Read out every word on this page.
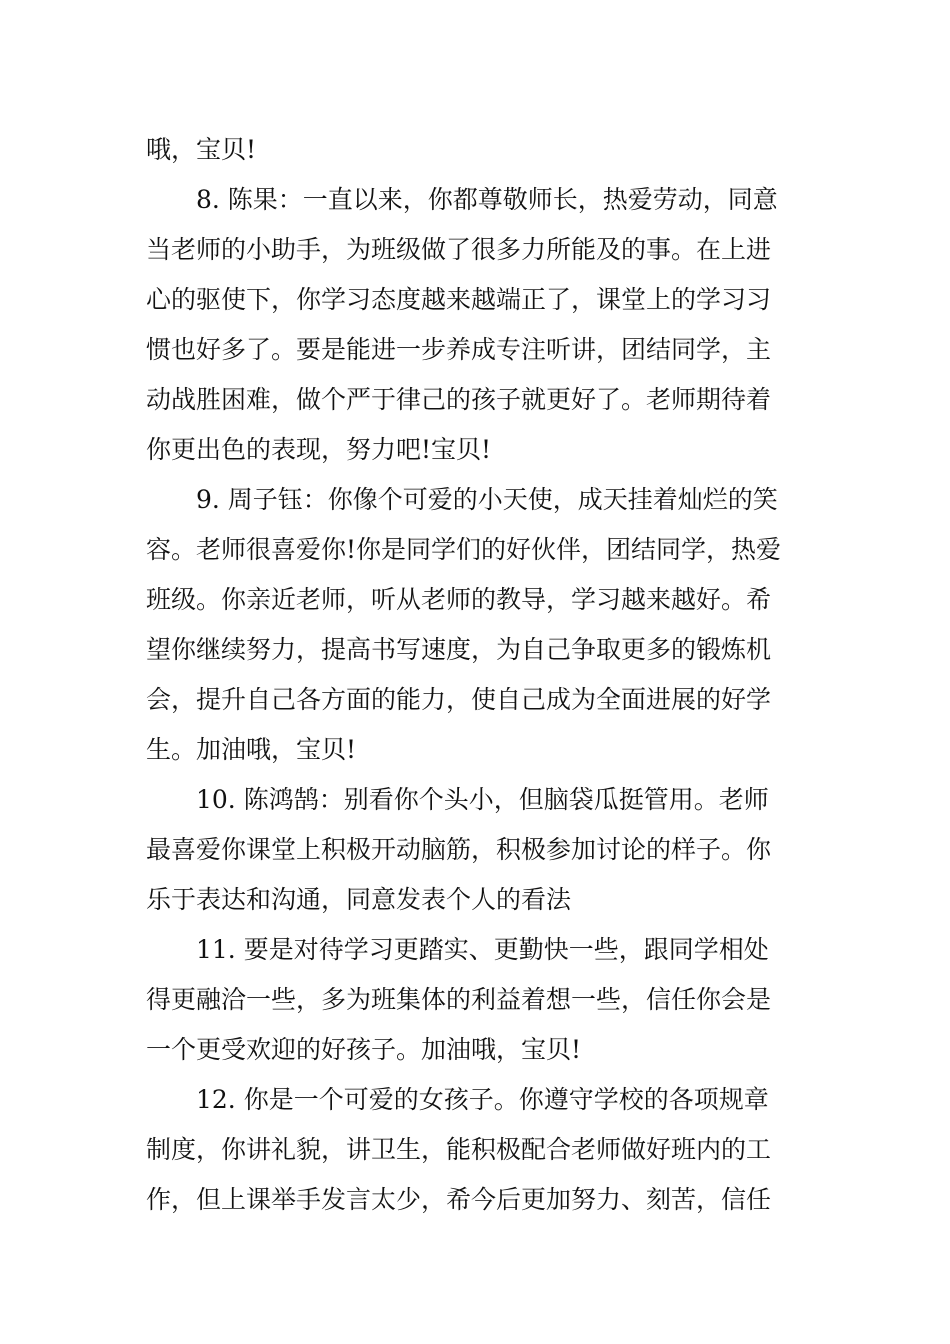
哦，宝贝!
8. 陈果：一直以来，你都尊敬师长，热爱劳动，同意
当老师的小助手，为班级做了很多力所能及的事。在上进
心的驱使下，你学习态度越来越端正了，课堂上的学习习
惯也好多了。要是能进一步养成专注听讲，团结同学，主
动战胜困难，做个严于律己的孩子就更好了。老师期待着
你更出色的表现，努力吧!宝贝!
9. 周子钰：你像个可爱的小天使，成天挂着灿烂的笑
容。老师很喜爱你!你是同学们的好伙伴，团结同学，热爱
班级。你亲近老师，听从老师的教导，学习越来越好。希
望你继续努力，提高书写速度，为自己争取更多的锻炼机
会，提升自己各方面的能力，使自己成为全面进展的好学
生。加油哦，宝贝!
10. 陈鸿鹄：别看你个头小，但脑袋瓜挺管用。老师
最喜爱你课堂上积极开动脑筋，积极参加讨论的样子。你
乐于表达和沟通，同意发表个人的看法
11. 要是对待学习更踏实、更勤快一些，跟同学相处
得更融洽一些，多为班集体的利益着想一些，信任你会是
一个更受欢迎的好孩子。加油哦，宝贝!
12. 你是一个可爱的女孩子。你遵守学校的各项规章
制度，你讲礼貌，讲卫生，能积极配合老师做好班内的工
作，但上课举手发言太少，希今后更加努力、刻苦，信任
